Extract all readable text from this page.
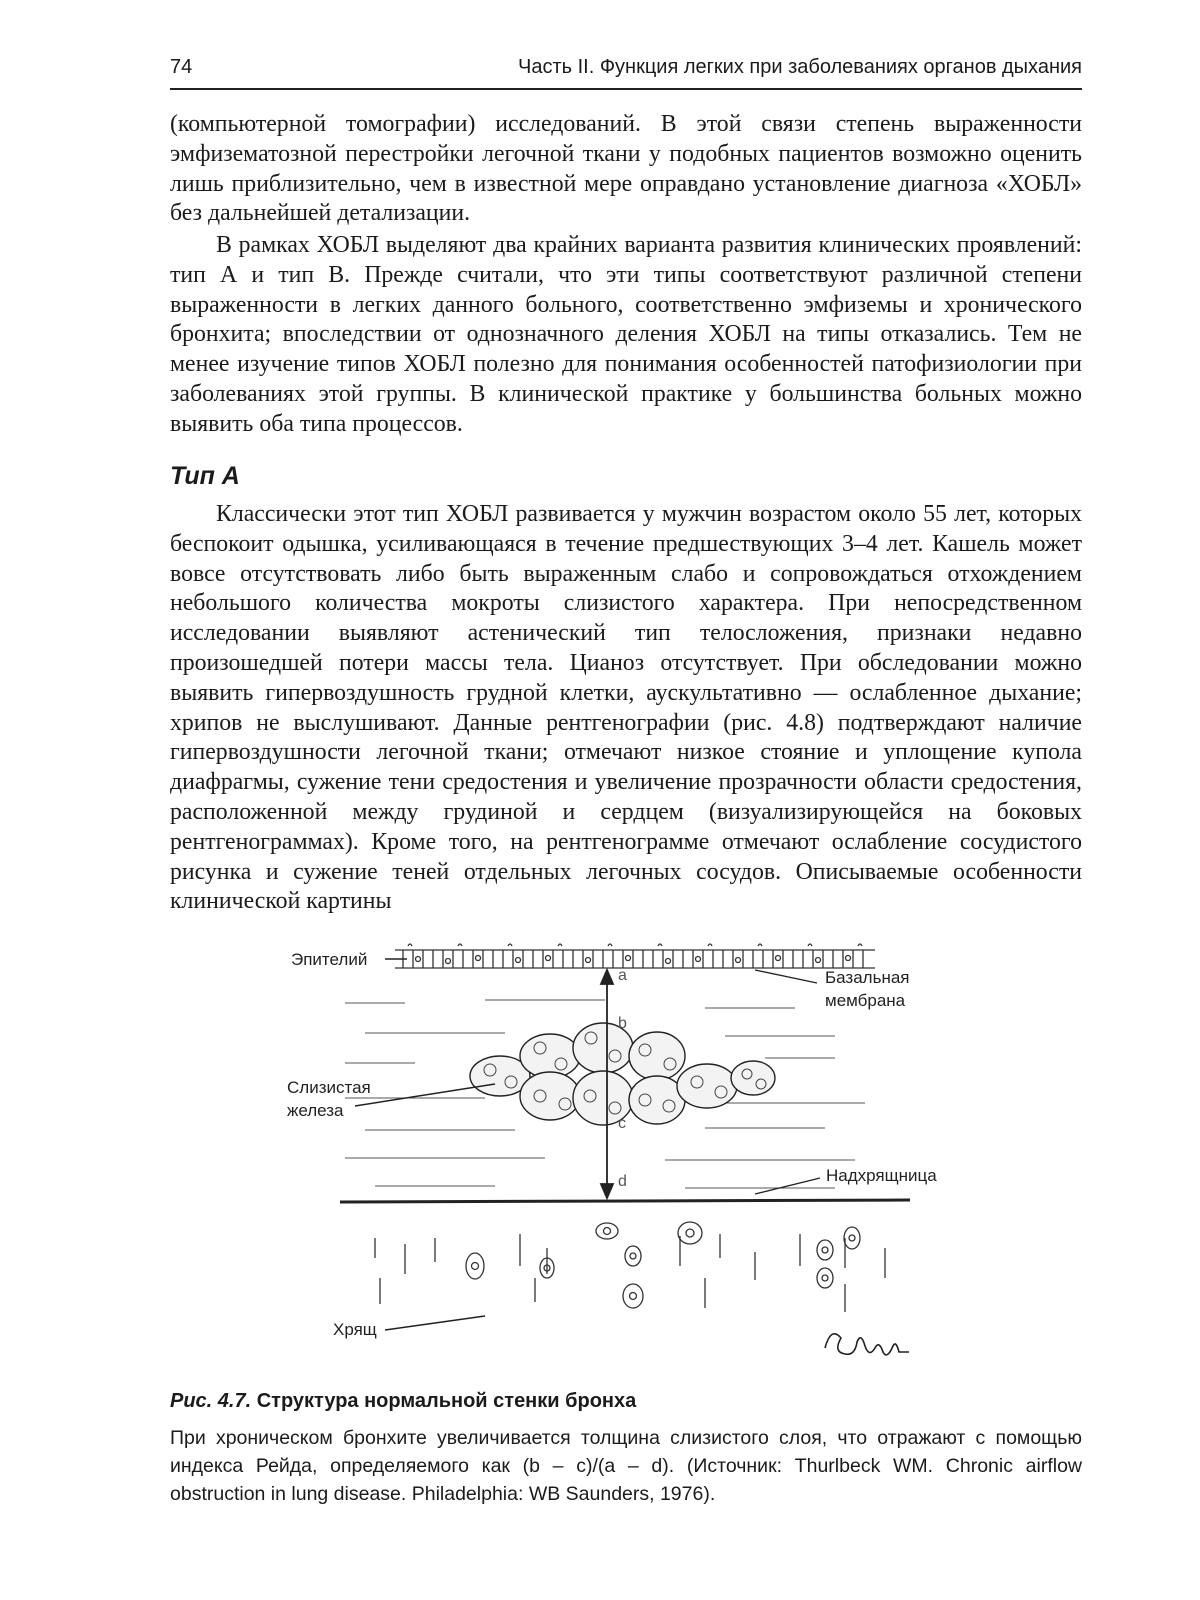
74	Часть II. Функция легких при заболеваниях органов дыхания

(компьютерной томографии) исследований. В этой связи степень выраженности эмфизематозной перестройки легочной ткани у подобных пациентов возможно оценить лишь приблизительно, чем в известной мере оправдано установление диагноза «ХОБЛ» без дальнейшей детализации.

В рамках ХОБЛ выделяют два крайних варианта развития клинических проявлений: тип А и тип В. Прежде считали, что эти типы соответствуют различной степени выраженности в легких данного больного, соответственно эмфиземы и хронического бронхита; впоследствии от однозначного деления ХОБЛ на типы отказались. Тем не менее изучение типов ХОБЛ полезно для понимания особенностей патофизиологии при заболеваниях этой группы. В клинической практике у большинства больных можно выявить оба типа процессов.

Тип А

Классически этот тип ХОБЛ развивается у мужчин возрастом около 55 лет, которых беспокоит одышка, усиливающаяся в течение предшествующих 3–4 лет. Кашель может вовсе отсутствовать либо быть выраженным слабо и сопровождаться отхождением небольшого количества мокроты слизистого характера. При непосредственном исследовании выявляют астенический тип телосложения, признаки недавно произошедшей потери массы тела. Цианоз отсутствует. При обследовании можно выявить гипервоздушность грудной клетки, аускультативно — ослабленное дыхание; хрипов не выслушивают. Данные рентгенографии (рис. 4.8) подтверждают наличие гипервоздушности легочной ткани; отмечают низкое стояние и уплощение купола диафрагмы, сужение тени средостения и увеличение прозрачности области средостения, расположенной между грудиной и сердцем (визуализирующейся на боковых рентгенограммах). Кроме того, на рентгенограмме отмечают ослабление сосудистого рисунка и сужение теней отдельных легочных сосудов. Описываемые особенности клинической картины

Эпителий
Базальная
мембрана
Слизистая
железа
a
b
c
d	Надхрящница
Хрящ

Рис. 4.7. Структура нормальной стенки бронха

При хроническом бронхите увеличивается толщина слизистого слоя, что отражают с помощью индекса Рейда, определяемого как (b – c)/(a – d). (Источник: Thurlbeck WM. Chronic airflow obstruction in lung disease. Philadelphia: WB Saunders, 1976).
